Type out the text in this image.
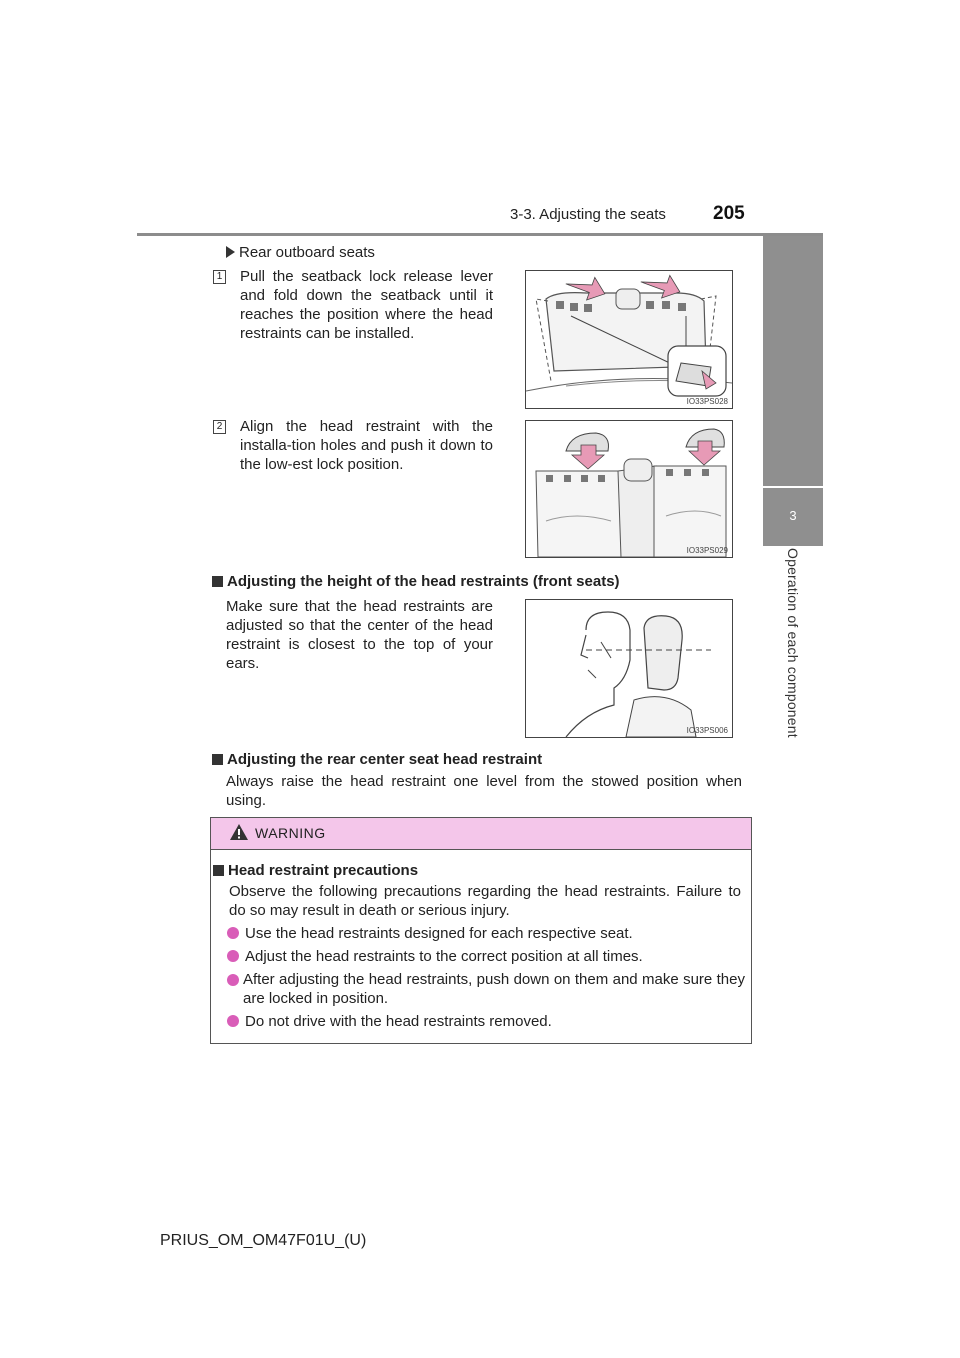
3-3. Adjusting the seats 205
3
Operation of each component
Rear outboard seats
1 Pull the seatback lock release lever and fold down the seatback until it reaches the position where the head restraints can be installed.
IO33PS028
2 Align the head restraint with the installa-tion holes and push it down to the low-est lock position.
IO33PS029
Adjusting the height of the head restraints (front seats)
Make sure that the head restraints are adjusted so that the center of the head restraint is closest to the top of your ears.
IO33PS006
Adjusting the rear center seat head restraint
Always raise the head restraint one level from the stowed position when using.
WARNING
Head restraint precautions
Observe the following precautions regarding the head restraints. Failure to do so may result in death or serious injury.
Use the head restraints designed for each respective seat.
Adjust the head restraints to the correct position at all times.
After adjusting the head restraints, push down on them and make sure they are locked in position.
Do not drive with the head restraints removed.
PRIUS_OM_OM47F01U_(U)
